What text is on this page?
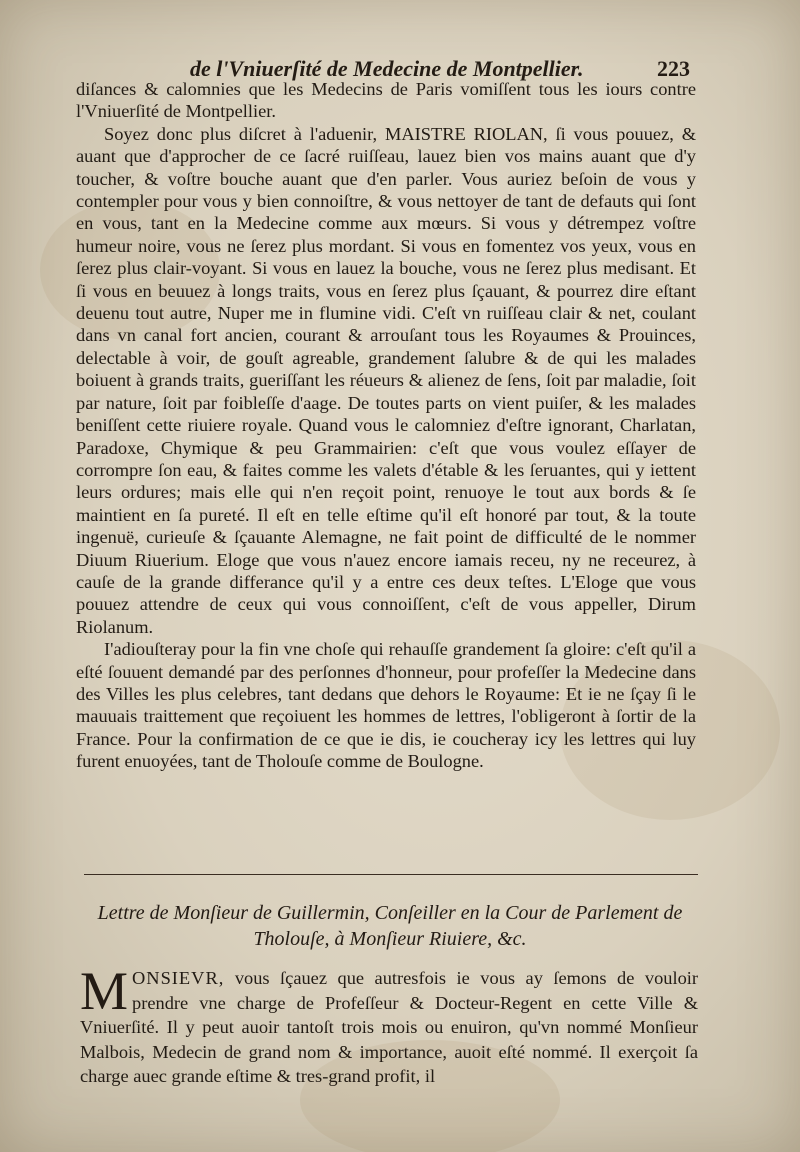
de l'Vniuerſité de Medecine de Montpellier.	223

diſances & calomnies que les Medecins de Paris vomiſſent tous les iours contre l'Vniuerſité de Montpellier.

Soyez donc plus diſcret à l'aduenir, MAISTRE RIOLAN, ſi vous pouuez, & auant que d'approcher de ce ſacré ruiſſeau, lauez bien vos mains auant que d'y toucher, & voſtre bouche auant que d'en parler. Vous auriez beſoin de vous y contempler pour vous y bien connoiſtre, & vous nettoyer de tant de defauts qui ſont en vous, tant en la Medecine comme aux mœurs. Si vous y détrempez voſtre humeur noire, vous ne ſerez plus mordant. Si vous en fomentez vos yeux, vous en ſerez plus clair-voyant. Si vous en lauez la bouche, vous ne ſerez plus medisant. Et ſi vous en beuuez à longs traits, vous en ſerez plus ſçauant, & pourrez dire eſtant deuenu tout autre, Nuper me in flumine vidi. C'eſt vn ruiſſeau clair & net, coulant dans vn canal fort ancien, courant & arrouſant tous les Royaumes & Prouinces, delectable à voir, de gouſt agreable, grandement ſalubre & de qui les malades boiuent à grands traits, gueriſſant les réueurs & alienez de ſens, ſoit par maladie, ſoit par nature, ſoit par foibleſſe d'aage. De toutes parts on vient puiſer, & les malades beniſſent cette riuiere royale. Quand vous le calomniez d'eſtre ignorant, Charlatan, Paradoxe, Chymique & peu Grammairien: c'eſt que vous voulez eſſayer de corrompre ſon eau, & faites comme les valets d'étable & les ſeruantes, qui y iettent leurs ordures; mais elle qui n'en reçoit point, renuoye le tout aux bords & ſe maintient en ſa pureté. Il eſt en telle eſtime qu'il eſt honoré par tout, & la toute ingenuë, curieuſe & ſçauante Alemagne, ne fait point de difficulté de le nommer Diuum Riuerium. Eloge que vous n'auez encore iamais receu, ny ne receurez, à cauſe de la grande differance qu'il y a entre ces deux teſtes. L'Eloge que vous pouuez attendre de ceux qui vous connoiſſent, c'eſt de vous appeller, Dirum Riolanum.

I'adiouſteray pour la fin vne choſe qui rehauſſe grandement ſa gloire: c'eſt qu'il a eſté ſouuent demandé par des perſonnes d'honneur, pour profeſſer la Medecine dans des Villes les plus celebres, tant dedans que dehors le Royaume: Et ie ne ſçay ſi le mauuais traittement que reçoiuent les hommes de lettres, l'obligeront à ſortir de la France. Pour la confirmation de ce que ie dis, ie coucheray icy les lettres qui luy furent enuoyées, tant de Tholouſe comme de Boulogne.

Lettre de Monſieur de Guillermin, Conſeiller en la Cour de Parlement de Tholouſe, à Monſieur Riuiere, &c.

M ONSIEVR, vous ſçauez que autresfois ie vous ay ſemons de vouloir prendre vne charge de Profeſſeur & Docteur-Regent en cette Ville & Vniuerſité. Il y peut auoir tantoſt trois mois ou enuiron, qu'vn nommé Monſieur Malbois, Medecin de grand nom & importance, auoit eſté nommé. Il exerçoit ſa charge auec grande eſtime & tres-grand profit, il
